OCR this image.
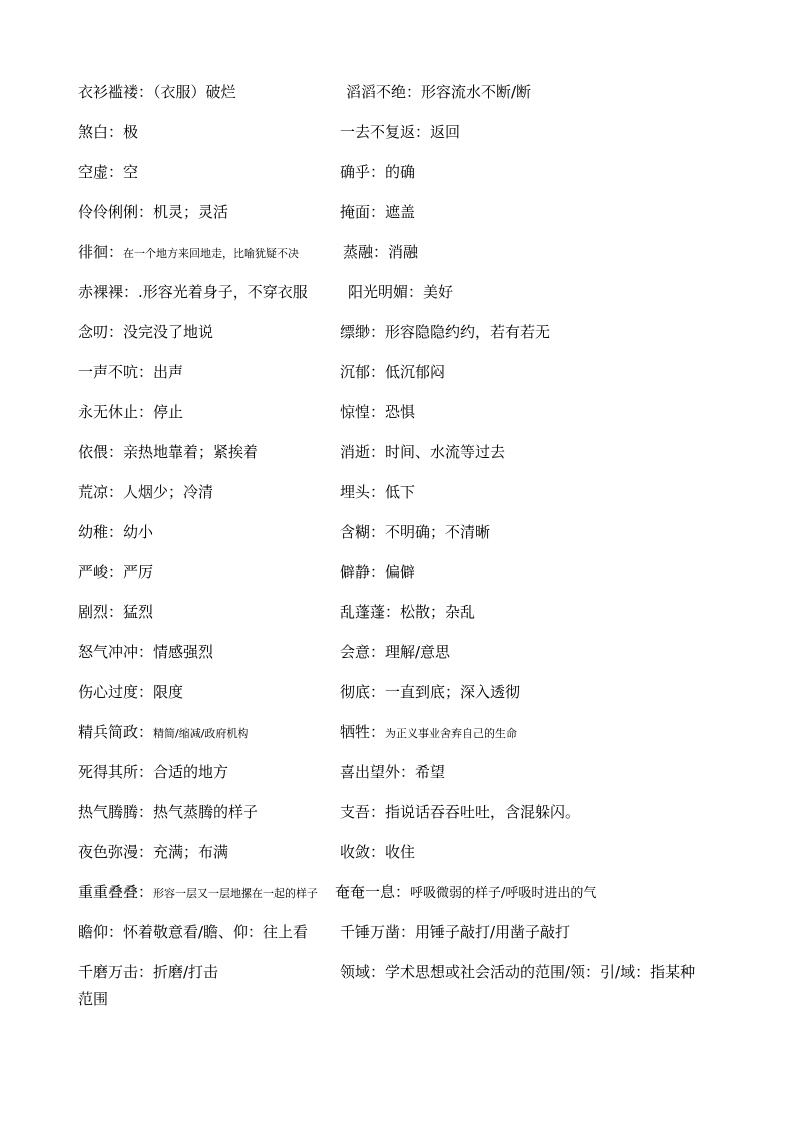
衣衫褴褛：（衣服）破烂	滔滔不绝：形容流水不断/断
煞白：极	一去不复返：返回
空虚：空	确乎：的确
伶伶俐俐：机灵；灵活	掩面：遮盖
徘徊：在一个地方来回地走，比喻犹疑不决	蒸融：消融
赤裸裸：.形容光着身子，不穿衣服	阳光明媚：美好
念叨：没完没了地说	缥缈：形容隐隐约约，若有若无
一声不吭：出声	沉郁：低沉郁闷
永无休止：停止	惊惶：恐惧
依偎：亲热地靠着；紧挨着	消逝：时间、水流等过去
荒凉：人烟少；冷清	埋头：低下
幼稚：幼小	含糊：不明确；不清晰
严峻：严厉	僻静：偏僻
剧烈：猛烈	乱蓬蓬：松散；杂乱
怒气冲冲：情感强烈	会意：理解/意思
伤心过度：限度	彻底：一直到底；深入透彻
精兵简政：精简/缩减/政府机构	牺牲：为正义事业舍弃自己的生命
死得其所：合适的地方	喜出望外：希望
热气腾腾：热气蒸腾的样子	支吾：指说话吞吞吐吐，含混躲闪。
夜色弥漫：充满；布满	收敛：收住
重重叠叠：形容一层又一层地摞在一起的样子 奄奄一息：呼吸微弱的样子/呼吸时进出的气
瞻仰：怀着敬意看/瞻、仰：往上看 千锤万凿：用锤子敲打/用凿子敲打
千磨万击：折磨/打击	领域：学术思想或社会活动的范围/领：引/域：指某种
范围
